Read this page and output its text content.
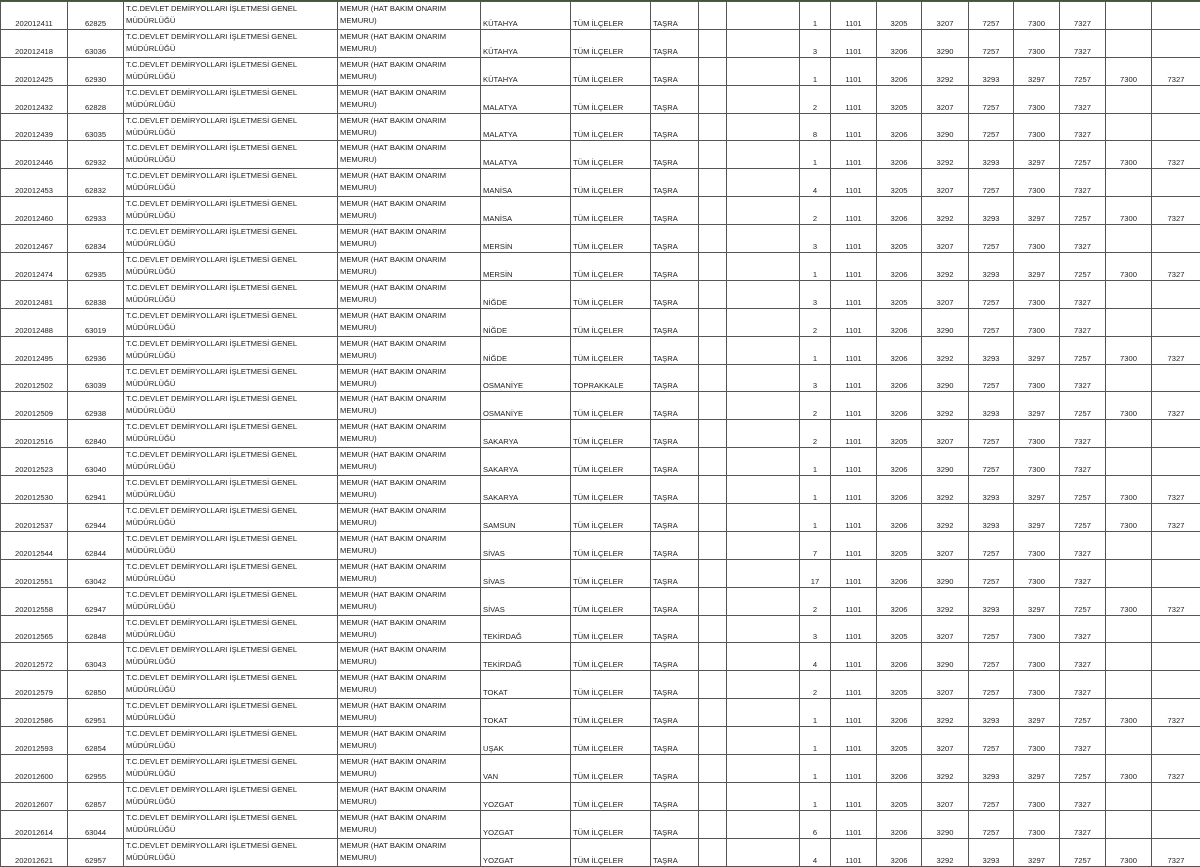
202012411	62825	T.C.DEVLET DEMİRYOLLARI İŞLETMESİ GENEL MÜDÜRLÜĞÜ	MEMUR (HAT BAKIM ONARIM MEMURU)	KÜTAHYA	TÜM İLÇELER	TAŞRA			1	1101	3205	3207	7257	7300	7327		
202012418	63036	T.C.DEVLET DEMİRYOLLARI İŞLETMESİ GENEL MÜDÜRLÜĞÜ	MEMUR (HAT BAKIM ONARIM MEMURU)	KÜTAHYA	TÜM İLÇELER	TAŞRA			3	1101	3206	3290	7257	7300	7327		
202012425	62930	T.C.DEVLET DEMİRYOLLARI İŞLETMESİ GENEL MÜDÜRLÜĞÜ	MEMUR (HAT BAKIM ONARIM MEMURU)	KÜTAHYA	TÜM İLÇELER	TAŞRA			1	1101	3206	3292	3293	3297	7257	7300	7327
202012432	62828	T.C.DEVLET DEMİRYOLLARI İŞLETMESİ GENEL MÜDÜRLÜĞÜ	MEMUR (HAT BAKIM ONARIM MEMURU)	MALATYA	TÜM İLÇELER	TAŞRA			2	1101	3205	3207	7257	7300	7327		
202012439	63035	T.C.DEVLET DEMİRYOLLARI İŞLETMESİ GENEL MÜDÜRLÜĞÜ	MEMUR (HAT BAKIM ONARIM MEMURU)	MALATYA	TÜM İLÇELER	TAŞRA			8	1101	3206	3290	7257	7300	7327		
202012446	62932	T.C.DEVLET DEMİRYOLLARI İŞLETMESİ GENEL MÜDÜRLÜĞÜ	MEMUR (HAT BAKIM ONARIM MEMURU)	MALATYA	TÜM İLÇELER	TAŞRA			1	1101	3206	3292	3293	3297	7257	7300	7327
202012453	62832	T.C.DEVLET DEMİRYOLLARI İŞLETMESİ GENEL MÜDÜRLÜĞÜ	MEMUR (HAT BAKIM ONARIM MEMURU)	MANİSA	TÜM İLÇELER	TAŞRA			4	1101	3205	3207	7257	7300	7327		
202012460	62933	T.C.DEVLET DEMİRYOLLARI İŞLETMESİ GENEL MÜDÜRLÜĞÜ	MEMUR (HAT BAKIM ONARIM MEMURU)	MANİSA	TÜM İLÇELER	TAŞRA			2	1101	3206	3292	3293	3297	7257	7300	7327
202012467	62834	T.C.DEVLET DEMİRYOLLARI İŞLETMESİ GENEL MÜDÜRLÜĞÜ	MEMUR (HAT BAKIM ONARIM MEMURU)	MERSİN	TÜM İLÇELER	TAŞRA			3	1101	3205	3207	7257	7300	7327		
202012474	62935	T.C.DEVLET DEMİRYOLLARI İŞLETMESİ GENEL MÜDÜRLÜĞÜ	MEMUR (HAT BAKIM ONARIM MEMURU)	MERSİN	TÜM İLÇELER	TAŞRA			1	1101	3206	3292	3293	3297	7257	7300	7327
202012481	62838	T.C.DEVLET DEMİRYOLLARI İŞLETMESİ GENEL MÜDÜRLÜĞÜ	MEMUR (HAT BAKIM ONARIM MEMURU)	NİĞDE	TÜM İLÇELER	TAŞRA			3	1101	3205	3207	7257	7300	7327		
202012488	63019	T.C.DEVLET DEMİRYOLLARI İŞLETMESİ GENEL MÜDÜRLÜĞÜ	MEMUR (HAT BAKIM ONARIM MEMURU)	NİĞDE	TÜM İLÇELER	TAŞRA			2	1101	3206	3290	7257	7300	7327		
202012495	62936	T.C.DEVLET DEMİRYOLLARI İŞLETMESİ GENEL MÜDÜRLÜĞÜ	MEMUR (HAT BAKIM ONARIM MEMURU)	NİĞDE	TÜM İLÇELER	TAŞRA			1	1101	3206	3292	3293	3297	7257	7300	7327
202012502	63039	T.C.DEVLET DEMİRYOLLARI İŞLETMESİ GENEL MÜDÜRLÜĞÜ	MEMUR (HAT BAKIM ONARIM MEMURU)	OSMANİYE	TOPRAKKALE	TAŞRA			3	1101	3206	3290	7257	7300	7327		
202012509	62938	T.C.DEVLET DEMİRYOLLARI İŞLETMESİ GENEL MÜDÜRLÜĞÜ	MEMUR (HAT BAKIM ONARIM MEMURU)	OSMANİYE	TÜM İLÇELER	TAŞRA			2	1101	3206	3292	3293	3297	7257	7300	7327
202012516	62840	T.C.DEVLET DEMİRYOLLARI İŞLETMESİ GENEL MÜDÜRLÜĞÜ	MEMUR (HAT BAKIM ONARIM MEMURU)	SAKARYA	TÜM İLÇELER	TAŞRA			2	1101	3205	3207	7257	7300	7327		
202012523	63040	T.C.DEVLET DEMİRYOLLARI İŞLETMESİ GENEL MÜDÜRLÜĞÜ	MEMUR (HAT BAKIM ONARIM MEMURU)	SAKARYA	TÜM İLÇELER	TAŞRA			1	1101	3206	3290	7257	7300	7327		
202012530	62941	T.C.DEVLET DEMİRYOLLARI İŞLETMESİ GENEL MÜDÜRLÜĞÜ	MEMUR (HAT BAKIM ONARIM MEMURU)	SAKARYA	TÜM İLÇELER	TAŞRA			1	1101	3206	3292	3293	3297	7257	7300	7327
202012537	62944	T.C.DEVLET DEMİRYOLLARI İŞLETMESİ GENEL MÜDÜRLÜĞÜ	MEMUR (HAT BAKIM ONARIM MEMURU)	SAMSUN	TÜM İLÇELER	TAŞRA			1	1101	3206	3292	3293	3297	7257	7300	7327
202012544	62844	T.C.DEVLET DEMİRYOLLARI İŞLETMESİ GENEL MÜDÜRLÜĞÜ	MEMUR (HAT BAKIM ONARIM MEMURU)	SİVAS	TÜM İLÇELER	TAŞRA			7	1101	3205	3207	7257	7300	7327		
202012551	63042	T.C.DEVLET DEMİRYOLLARI İŞLETMESİ GENEL MÜDÜRLÜĞÜ	MEMUR (HAT BAKIM ONARIM MEMURU)	SİVAS	TÜM İLÇELER	TAŞRA			17	1101	3206	3290	7257	7300	7327		
202012558	62947	T.C.DEVLET DEMİRYOLLARI İŞLETMESİ GENEL MÜDÜRLÜĞÜ	MEMUR (HAT BAKIM ONARIM MEMURU)	SİVAS	TÜM İLÇELER	TAŞRA			2	1101	3206	3292	3293	3297	7257	7300	7327
202012565	62848	T.C.DEVLET DEMİRYOLLARI İŞLETMESİ GENEL MÜDÜRLÜĞÜ	MEMUR (HAT BAKIM ONARIM MEMURU)	TEKİRDAĞ	TÜM İLÇELER	TAŞRA			3	1101	3205	3207	7257	7300	7327		
202012572	63043	T.C.DEVLET DEMİRYOLLARI İŞLETMESİ GENEL MÜDÜRLÜĞÜ	MEMUR (HAT BAKIM ONARIM MEMURU)	TEKİRDAĞ	TÜM İLÇELER	TAŞRA			4	1101	3206	3290	7257	7300	7327		
202012579	62850	T.C.DEVLET DEMİRYOLLARI İŞLETMESİ GENEL MÜDÜRLÜĞÜ	MEMUR (HAT BAKIM ONARIM MEMURU)	TOKAT	TÜM İLÇELER	TAŞRA			2	1101	3205	3207	7257	7300	7327		
202012586	62951	T.C.DEVLET DEMİRYOLLARI İŞLETMESİ GENEL MÜDÜRLÜĞÜ	MEMUR (HAT BAKIM ONARIM MEMURU)	TOKAT	TÜM İLÇELER	TAŞRA			1	1101	3206	3292	3293	3297	7257	7300	7327
202012593	62854	T.C.DEVLET DEMİRYOLLARI İŞLETMESİ GENEL MÜDÜRLÜĞÜ	MEMUR (HAT BAKIM ONARIM MEMURU)	UŞAK	TÜM İLÇELER	TAŞRA			1	1101	3205	3207	7257	7300	7327		
202012600	62955	T.C.DEVLET DEMİRYOLLARI İŞLETMESİ GENEL MÜDÜRLÜĞÜ	MEMUR (HAT BAKIM ONARIM MEMURU)	VAN	TÜM İLÇELER	TAŞRA			1	1101	3206	3292	3293	3297	7257	7300	7327
202012607	62857	T.C.DEVLET DEMİRYOLLARI İŞLETMESİ GENEL MÜDÜRLÜĞÜ	MEMUR (HAT BAKIM ONARIM MEMURU)	YOZGAT	TÜM İLÇELER	TAŞRA			1	1101	3205	3207	7257	7300	7327		
202012614	63044	T.C.DEVLET DEMİRYOLLARI İŞLETMESİ GENEL MÜDÜRLÜĞÜ	MEMUR (HAT BAKIM ONARIM MEMURU)	YOZGAT	TÜM İLÇELER	TAŞRA			6	1101	3206	3290	7257	7300	7327		
202012621	62957	T.C.DEVLET DEMİRYOLLARI İŞLETMESİ GENEL MÜDÜRLÜĞÜ	MEMUR (HAT BAKIM ONARIM MEMURU)	YOZGAT	TÜM İLÇELER	TAŞRA			4	1101	3206	3292	3293	3297	7257	7300	7327
